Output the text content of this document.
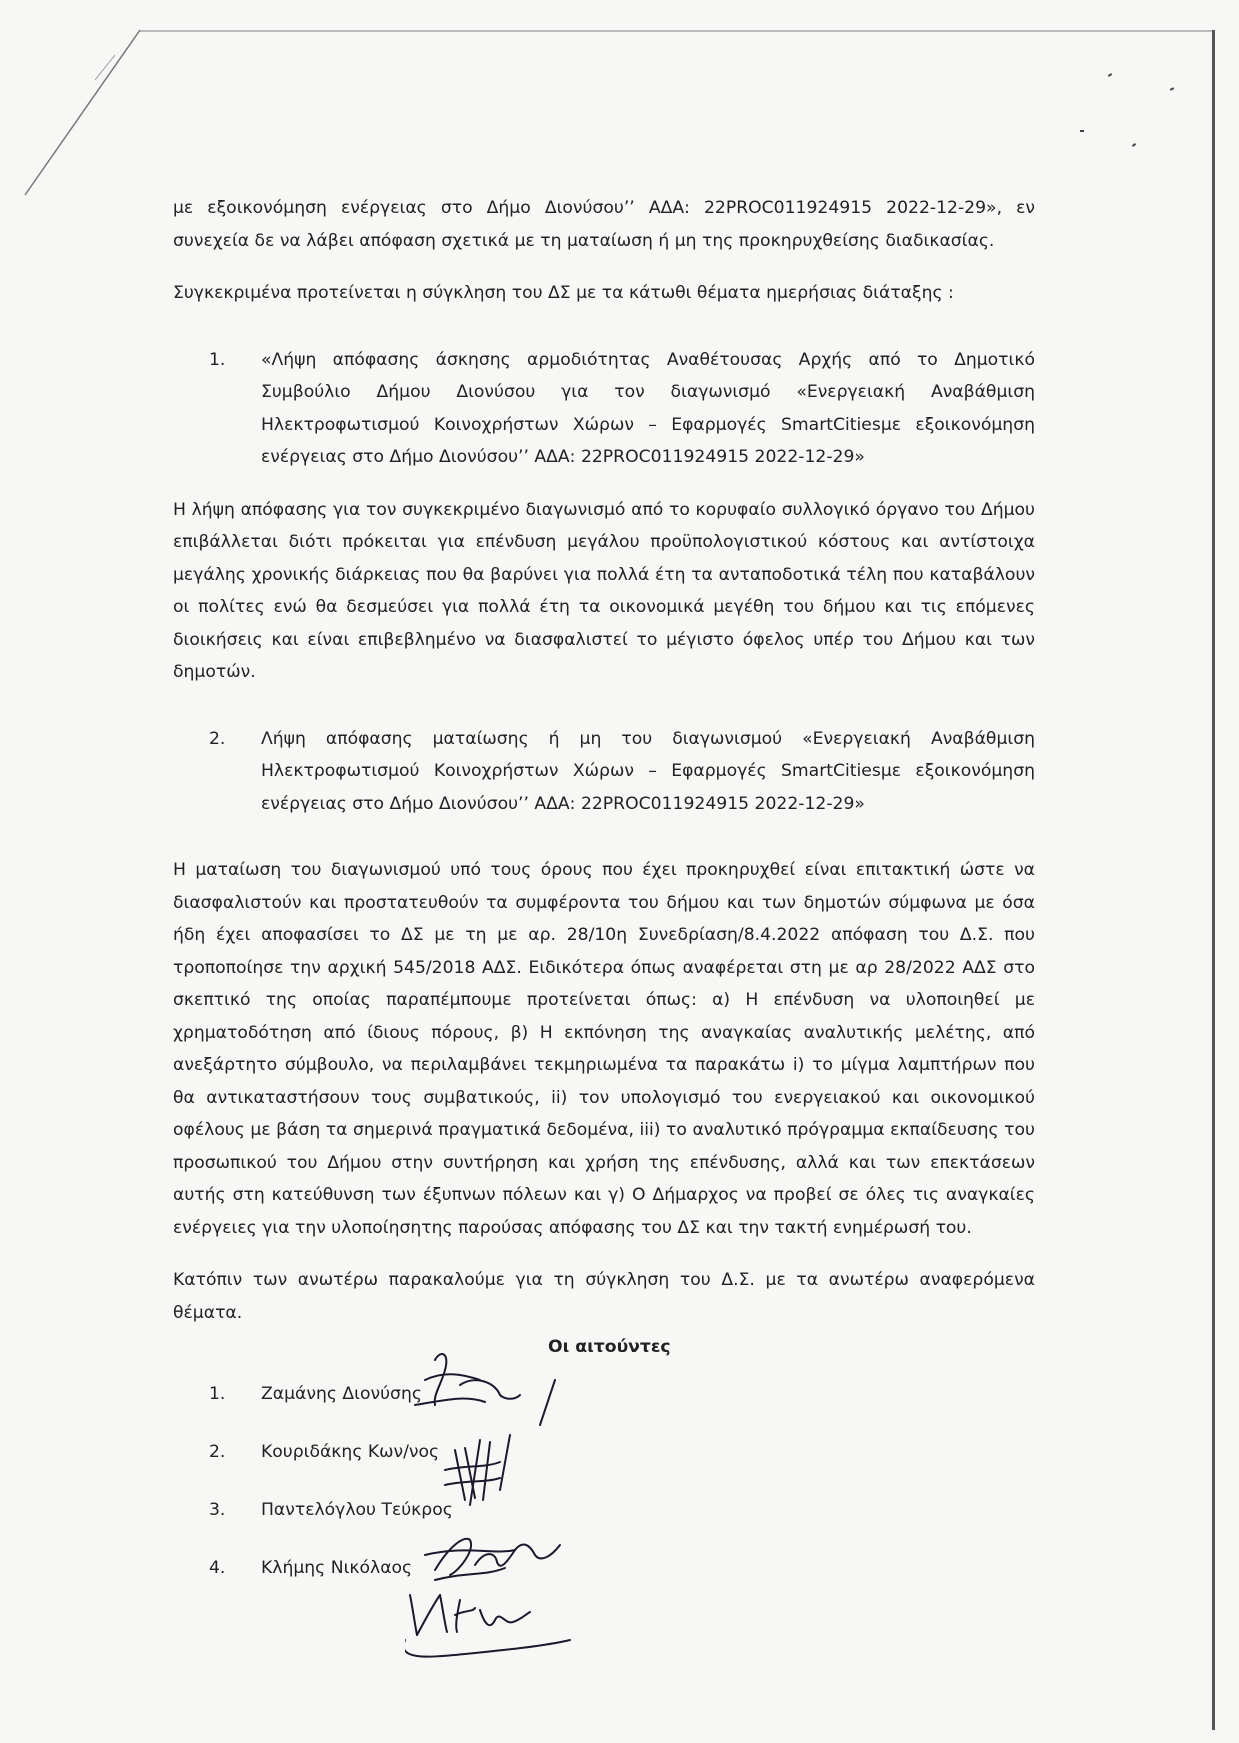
με εξοικονόμηση ενέργειας στο Δήμο Διονύσου’’ ΑΔΑ: 22PROC011924915 2022-12-29», εν συνεχεία δε να λάβει απόφαση σχετικά με τη ματαίωση ή μη της προκηρυχθείσης διαδικασίας.

Συγκεκριμένα προτείνεται η σύγκληση του ΔΣ με τα κάτωθι θέματα ημερήσιας διάταξης :

1.	«Λήψη απόφασης άσκησης αρμοδιότητας Αναθέτουσας Αρχής από το Δημοτικό Συμβούλιο Δήμου Διονύσου για τον διαγωνισμό «Ενεργειακή Αναβάθμιση Ηλεκτροφωτισμού Κοινοχρήστων Χώρων – Εφαρμογές SmartCitiesμε εξοικονόμηση ενέργειας στο Δήμο Διονύσου’’ ΑΔΑ: 22PROC011924915 2022-12-29»

Η λήψη απόφασης για τον συγκεκριμένο διαγωνισμό από το κορυφαίο συλλογικό όργανο του Δήμου επιβάλλεται διότι πρόκειται για επένδυση μεγάλου προϋπολογιστικού κόστους και αντίστοιχα μεγάλης χρονικής διάρκειας που θα βαρύνει για πολλά έτη τα ανταποδοτικά τέλη που καταβάλουν οι πολίτες ενώ θα δεσμεύσει για πολλά έτη τα οικονομικά μεγέθη του δήμου και τις επόμενες διοικήσεις και είναι επιβεβλημένο να διασφαλιστεί το μέγιστο όφελος υπέρ του Δήμου και των δημοτών.

2.	Λήψη απόφασης ματαίωσης ή μη του διαγωνισμού «Ενεργειακή Αναβάθμιση Ηλεκτροφωτισμού Κοινοχρήστων Χώρων – Εφαρμογές SmartCitiesμε εξοικονόμηση ενέργειας στο Δήμο Διονύσου’’ ΑΔΑ: 22PROC011924915 2022-12-29»

Η ματαίωση του διαγωνισμού υπό τους όρους που έχει προκηρυχθεί είναι επιτακτική ώστε να διασφαλιστούν και προστατευθούν τα συμφέροντα του δήμου και των δημοτών σύμφωνα με όσα ήδη έχει αποφασίσει το ΔΣ με τη με αρ. 28/10η Συνεδρίαση/8.4.2022 απόφαση του Δ.Σ. που τροποποίησε την αρχική 545/2018 ΑΔΣ. Ειδικότερα όπως αναφέρεται στη με αρ 28/2022 ΑΔΣ στο σκεπτικό της οποίας παραπέμπουμε προτείνεται όπως: α) Η επένδυση να υλοποιηθεί με χρηματοδότηση από ίδιους πόρους, β) Η εκπόνηση της αναγκαίας αναλυτικής μελέτης, από ανεξάρτητο σύμβουλο, να περιλαμβάνει τεκμηριωμένα τα παρακάτω i) το μίγμα λαμπτήρων που θα αντικαταστήσουν τους συμβατικούς, ii) τον υπολογισμό του ενεργειακού και οικονομικού οφέλους με βάση τα σημερινά πραγματικά δεδομένα, iii) το αναλυτικό πρόγραμμα εκπαίδευσης του προσωπικού του Δήμου στην συντήρηση και χρήση της επένδυσης, αλλά και των επεκτάσεων αυτής στη κατεύθυνση των έξυπνων πόλεων και γ) Ο Δήμαρχος να προβεί σε όλες τις αναγκαίες ενέργειες για την υλοποίησητης παρούσας απόφασης του ΔΣ και την τακτή ενημέρωσή του.

Κατόπιν των ανωτέρω παρακαλούμε για τη σύγκληση του Δ.Σ. με τα ανωτέρω αναφερόμενα θέματα.

Οι αιτούντες
1.	Ζαμάνης Διονύσης
2.	Κουριδάκης Κων/νος
3.	Παντελόγλου Τεύκρος
4.	Κλήμης Νικόλαος
